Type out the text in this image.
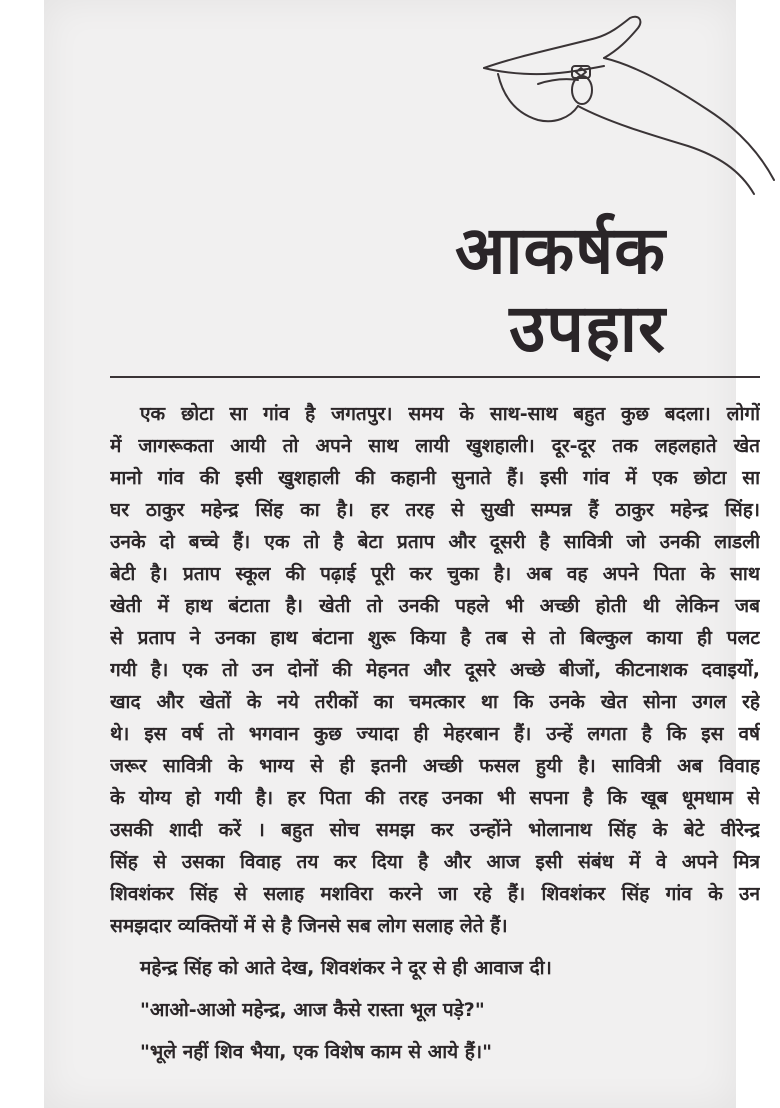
आकर्षक
उपहार
एक छोटा सा गांव है जगतपुर। समय के साथ-साथ बहुत कुछ बदला। लोगों
में जागरूकता आयी तो अपने साथ लायी खुशहाली। दूर-दूर तक लहलहाते खेत
मानो गांव की इसी खुशहाली की कहानी सुनाते हैं। इसी गांव में एक छोटा सा
घर ठाकुर महेन्द्र सिंह का है। हर तरह से सुखी सम्पन्न हैं ठाकुर महेन्द्र सिंह।
उनके दो बच्चे हैं। एक तो है बेटा प्रताप और दूसरी है सावित्री जो उनकी लाडली
बेटी है। प्रताप स्कूल की पढ़ाई पूरी कर चुका है। अब वह अपने पिता के साथ
खेती में हाथ बंटाता है। खेती तो उनकी पहले भी अच्छी होती थी लेकिन जब
से प्रताप ने उनका हाथ बंटाना शुरू किया है तब से तो बिल्कुल काया ही पलट
गयी है। एक तो उन दोनों की मेहनत और दूसरे अच्छे बीजों, कीटनाशक दवाइयों,
खाद और खेतों के नये तरीकों का चमत्कार था कि उनके खेत सोना उगल रहे
थे। इस वर्ष तो भगवान कुछ ज्यादा ही मेहरबान हैं। उन्हें लगता है कि इस वर्ष
जरूर सावित्री के भाग्य से ही इतनी अच्छी फसल हुयी है। सावित्री अब विवाह
के योग्य हो गयी है। हर पिता की तरह उनका भी सपना है कि खूब धूमधाम से
उसकी शादी करें । बहुत सोच समझ कर उन्होंने भोलानाथ सिंह के बेटे वीरेन्द्र
सिंह से उसका विवाह तय कर दिया है और आज इसी संबंध में वे अपने मित्र
शिवशंकर सिंह से सलाह मशविरा करने जा रहे हैं। शिवशंकर सिंह गांव के उन
समझदार व्यक्तियों में से है जिनसे सब लोग सलाह लेते हैं।
महेन्द्र सिंह को आते देख, शिवशंकर ने दूर से ही आवाज दी।
"आओ-आओ महेन्द्र, आज कैसे रास्ता भूल पड़े?"
"भूले नहीं शिव भैया, एक विशेष काम से आये हैं।"
